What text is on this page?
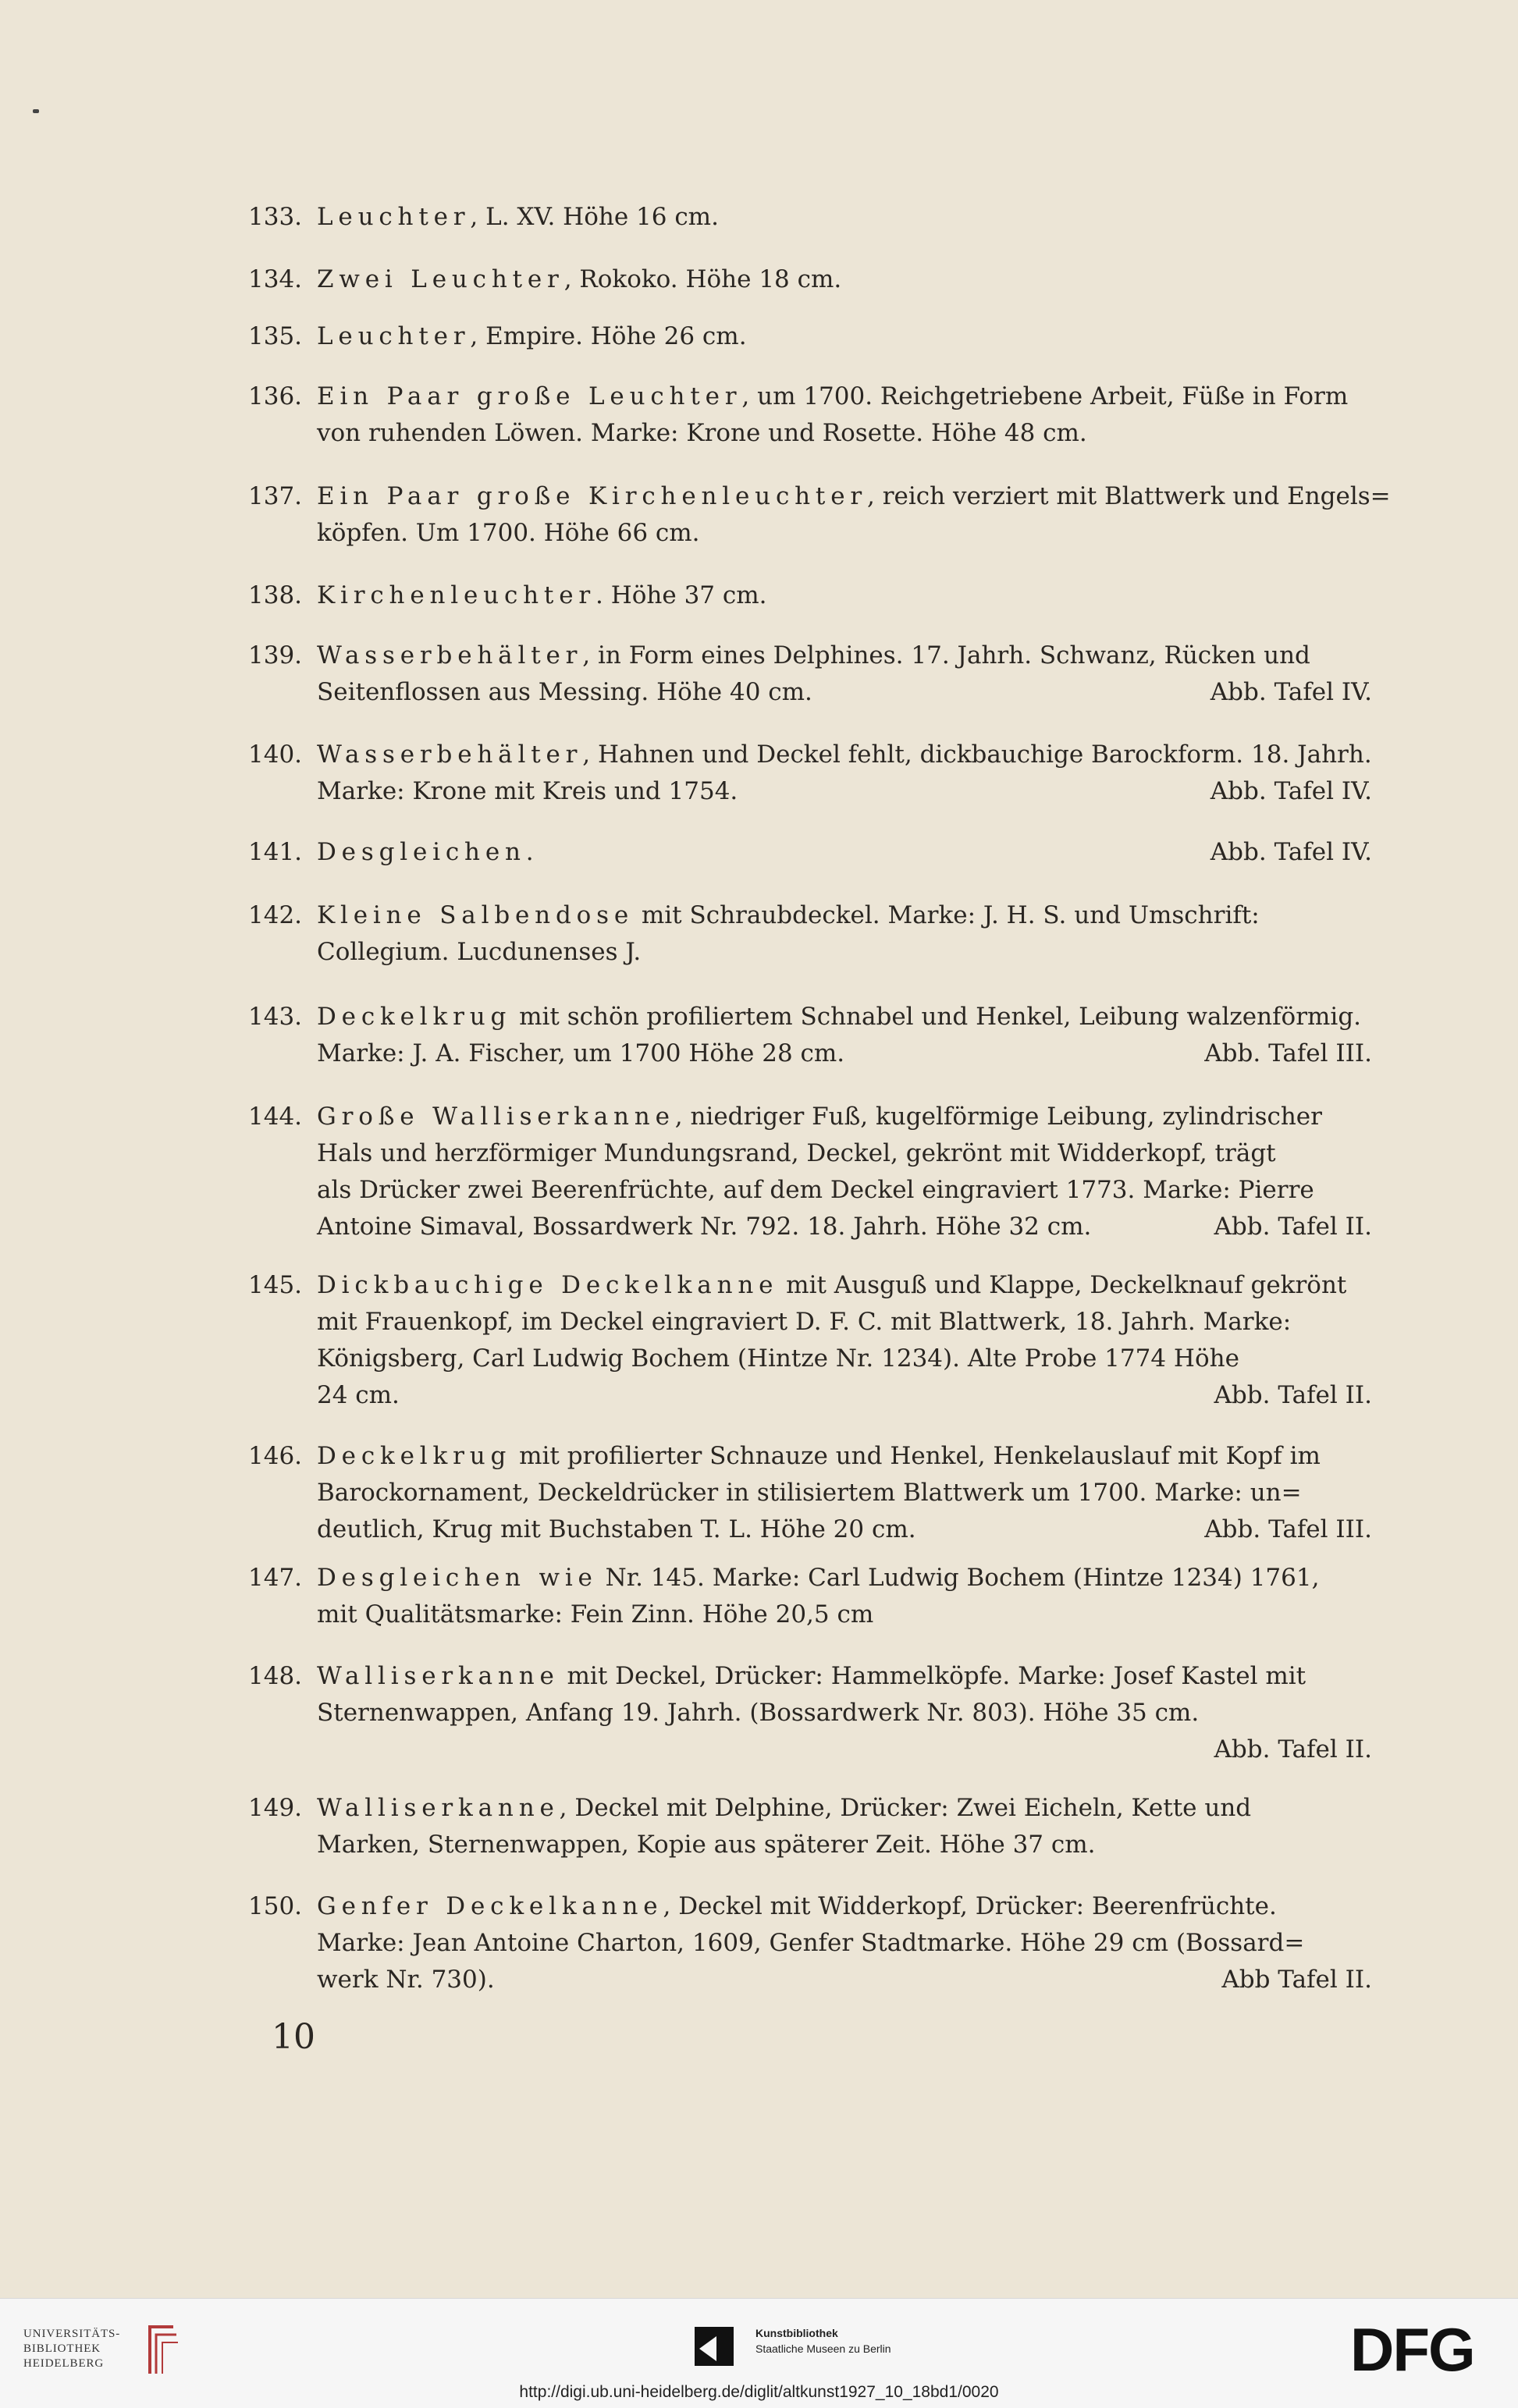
133. Leuchter, L. XV. Höhe 16 cm.
134. Zwei Leuchter, Rokoko. Höhe 18 cm.
135. Leuchter, Empire. Höhe 26 cm.
136. Ein Paar große Leuchter, um 1700. Reichgetriebene Arbeit, Füße in Form
von ruhenden Löwen. Marke: Krone und Rosette. Höhe 48 cm.
137. Ein Paar große Kirchenleuchter, reich verziert mit Blattwerk und Engels=
köpfen. Um 1700. Höhe 66 cm.
138. Kirchenleuchter. Höhe 37 cm.
139. Wasserbehälter, in Form eines Delphines. 17. Jahrh. Schwanz, Rücken und
Seitenflossen aus Messing. Höhe 40 cm.	Abb. Tafel IV.
140. Wasserbehälter, Hahnen und Deckel fehlt, dickbauchige Barockform. 18. Jahrh.
Marke: Krone mit Kreis und 1754.	Abb. Tafel IV.
141. Desgleichen.	Abb. Tafel IV.
142. Kleine Salbendose mit Schraubdeckel. Marke: J. H. S. und Umschrift:
Collegium. Lucdunenses J.
143. Deckelkrug mit schön profiliertem Schnabel und Henkel, Leibung walzenförmig.
Marke: J. A. Fischer, um 1700 Höhe 28 cm.	Abb. Tafel III.
144. Große Walliserkanne, niedriger Fuß, kugelförmige Leibung, zylindrischer
Hals und herzförmiger Mundungsrand, Deckel, gekrönt mit Widderkopf, trägt
als Drücker zwei Beerenfrüchte, auf dem Deckel eingraviert 1773. Marke: Pierre
Antoine Simaval, Bossardwerk Nr. 792. 18. Jahrh. Höhe 32 cm.	Abb. Tafel II.
145. Dickbauchige Deckelkanne mit Ausguß und Klappe, Deckelknauf gekrönt
mit Frauenkopf, im Deckel eingraviert D. F. C. mit Blattwerk, 18. Jahrh. Marke:
Königsberg, Carl Ludwig Bochem (Hintze Nr. 1234). Alte Probe 1774 Höhe
24 cm.	Abb. Tafel II.
146. Deckelkrug mit profilierter Schnauze und Henkel, Henkelauslauf mit Kopf im
Barockornament, Deckeldrücker in stilisiertem Blattwerk um 1700. Marke: un=
deutlich, Krug mit Buchstaben T. L. Höhe 20 cm.	Abb. Tafel III.
147. Desgleichen wie Nr. 145. Marke: Carl Ludwig Bochem (Hintze 1234) 1761,
mit Qualitätsmarke: Fein Zinn. Höhe 20,5 cm
148. Walliserkanne mit Deckel, Drücker: Hammelköpfe. Marke: Josef Kastel mit
Sternenwappen, Anfang 19. Jahrh. (Bossardwerk Nr. 803). Höhe 35 cm.
Abb. Tafel II.
149. Walliserkanne, Deckel mit Delphine, Drücker: Zwei Eicheln, Kette und
Marken, Sternenwappen, Kopie aus späterer Zeit. Höhe 37 cm.
150. Genfer Deckelkanne, Deckel mit Widderkopf, Drücker: Beerenfrüchte.
Marke: Jean Antoine Charton, 1609, Genfer Stadtmarke. Höhe 29 cm (Bossard=
werk Nr. 730).	Abb Tafel II.
10
UNIVERSITÄTS-
BIBLIOTHEK
HEIDELBERG
Kunstbibliothek
Staatliche Museen zu Berlin	DFG
http://digi.ub.uni-heidelberg.de/diglit/altkunst1927_10_18bd1/0020
